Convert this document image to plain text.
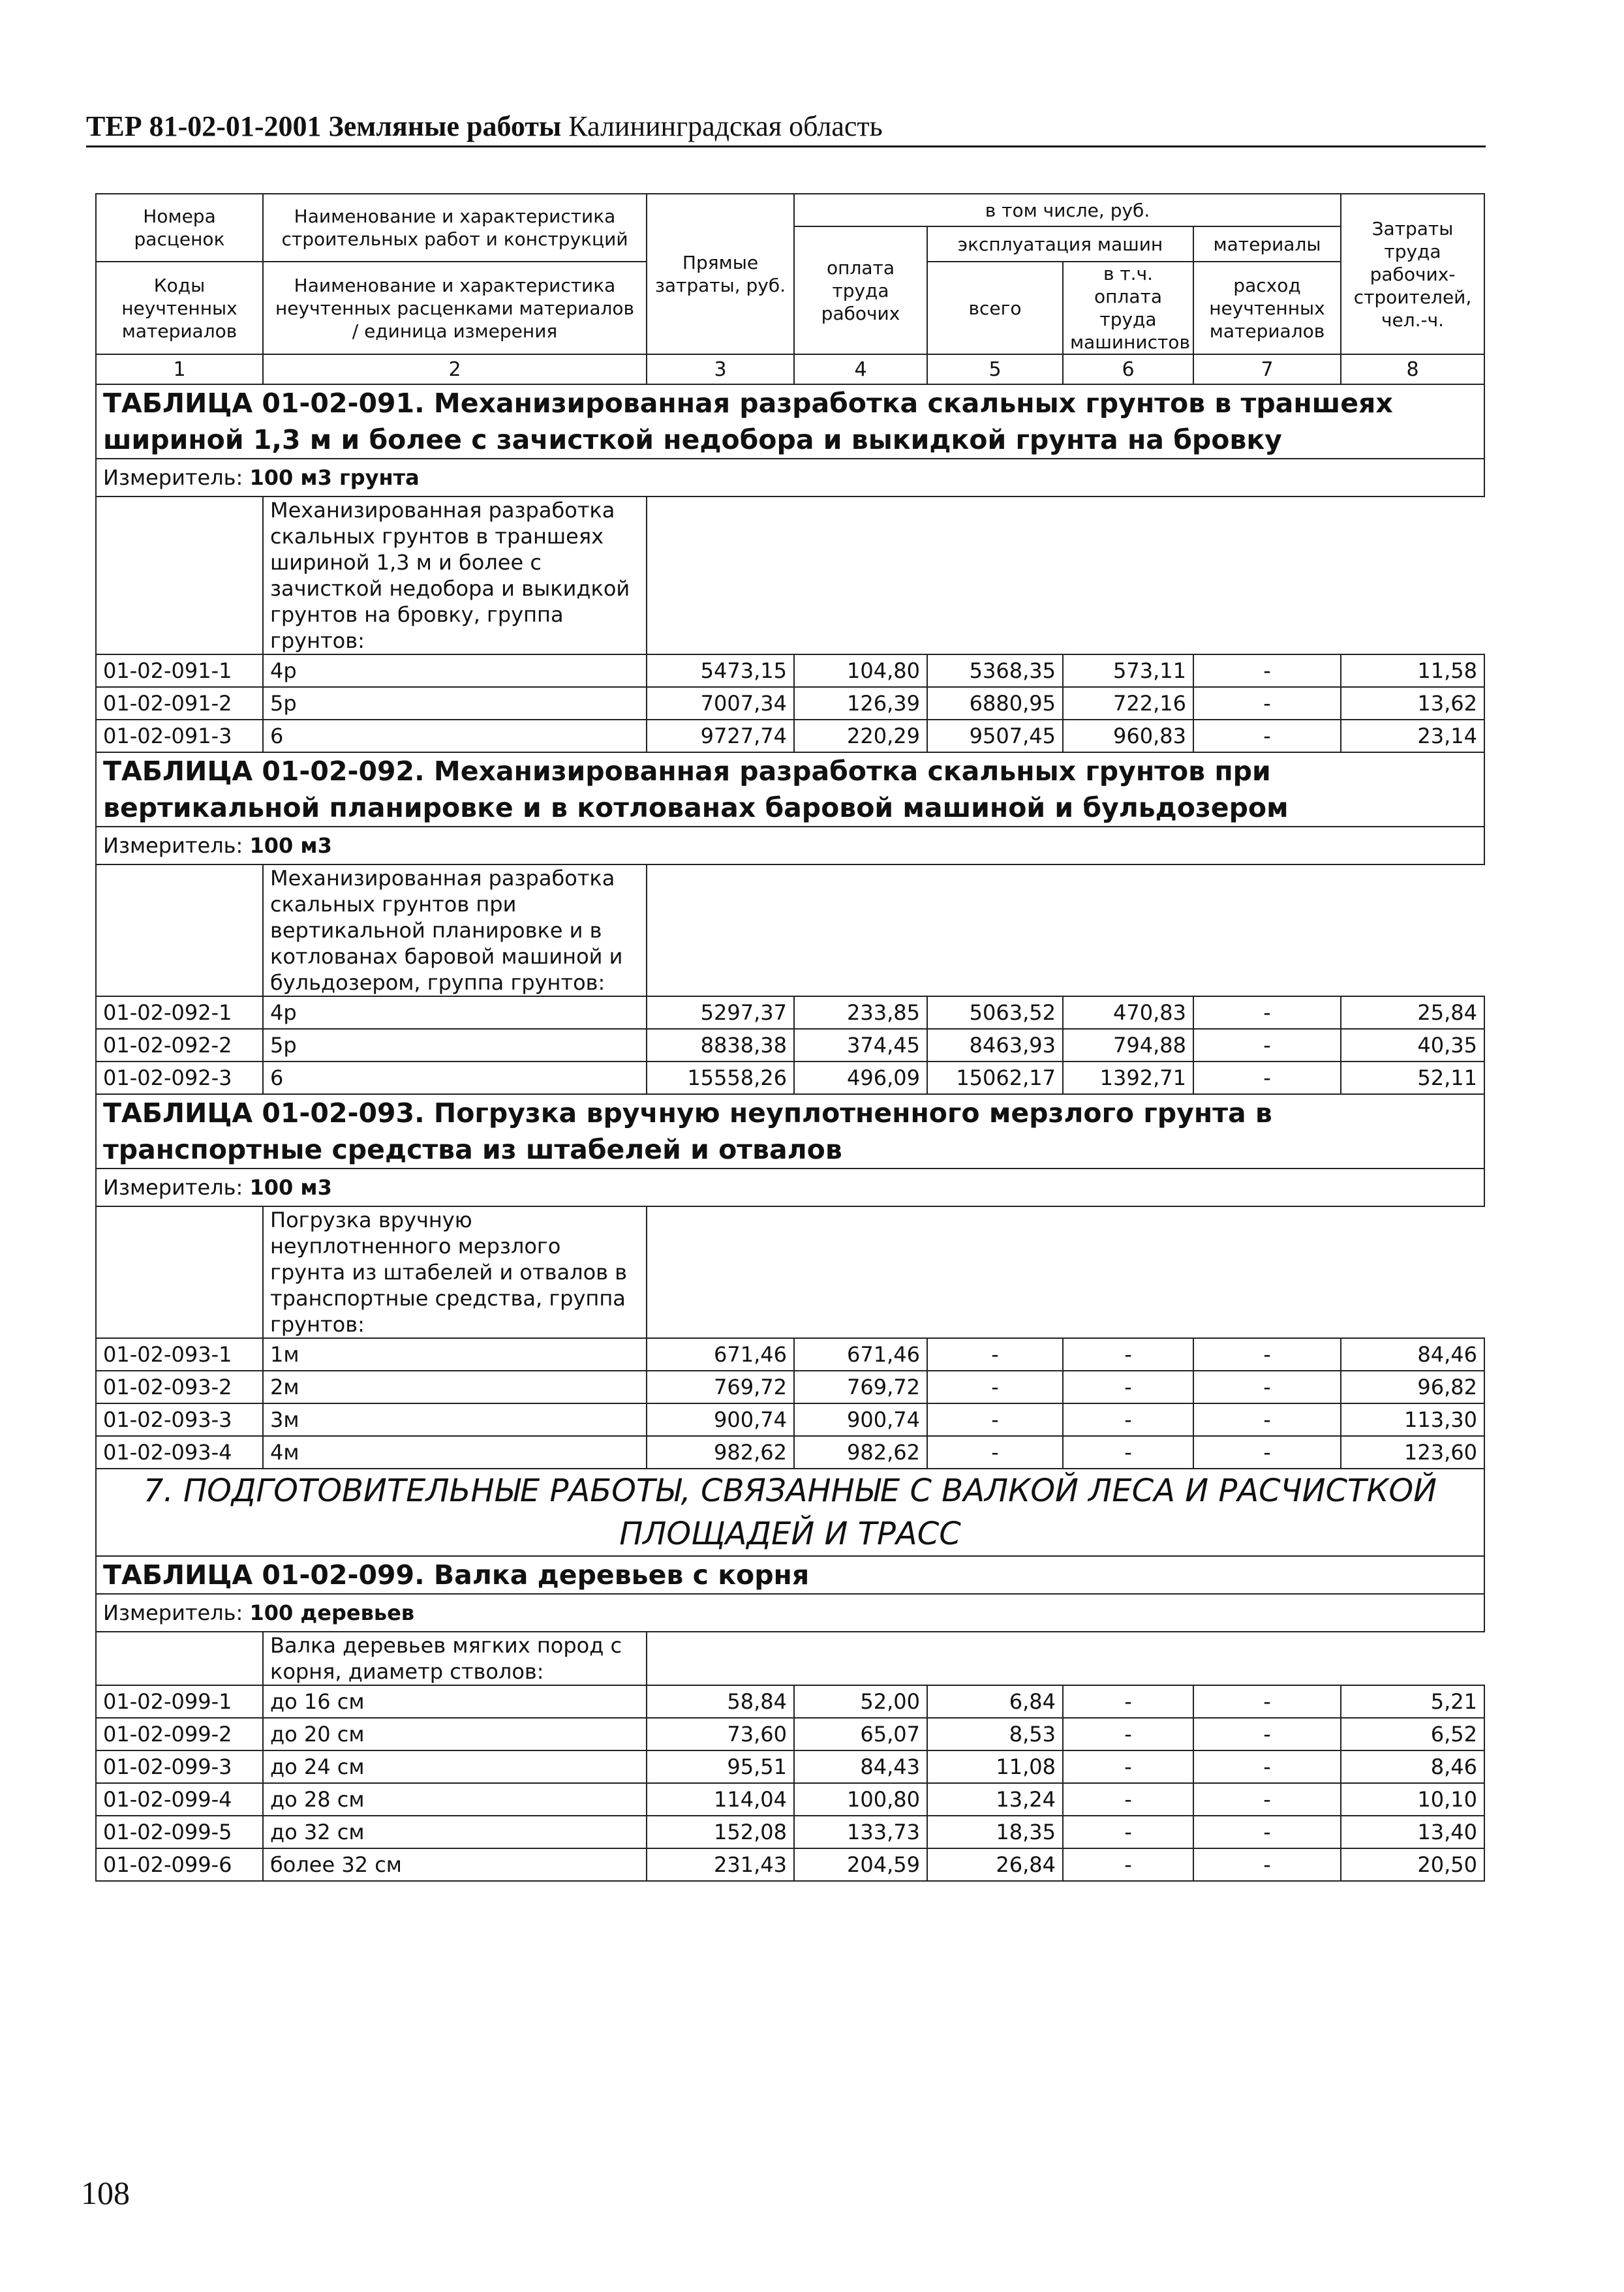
ТЕР 81-02-01-2001 Земляные работы Калининградская область
Номера расценок	Наименование и характеристика строительных работ и конструкций	Прямые затраты, руб.	в том числе, руб.				Затраты труда рабочих-строителей, чел.-ч.
			оплата труда рабочих	эксплуатация машин		материалы	
Коды неучтенных материалов	Наименование и характеристика неучтенных расценками материалов / единица измерения			всего	в т.ч. оплата труда машинистов	расход неучтенных материалов	
1	2	3	4	5	6	7	8
ТАБЛИЦА 01-02-091. Механизированная разработка скальных грунтов в траншеях шириной 1,3 м и более с зачисткой недобора и выкидкой грунта на бровку							
Измеритель: 100 м3 грунта							
	Механизированная разработка скальных грунтов в траншеях шириной 1,3 м и более с зачисткой недобора и выкидкой грунтов на бровку, группа грунтов:						
01-02-091-1	4р	5473,15	104,80	5368,35	573,11	-	11,58
01-02-091-2	5р	7007,34	126,39	6880,95	722,16	-	13,62
01-02-091-3	6	9727,74	220,29	9507,45	960,83	-	23,14
ТАБЛИЦА 01-02-092. Механизированная разработка скальных грунтов при вертикальной планировке и в котлованах баровой машиной и бульдозером							
Измеритель: 100 м3							
	Механизированная разработка скальных грунтов при вертикальной планировке и в котлованах баровой машиной и бульдозером, группа грунтов:						
01-02-092-1	4р	5297,37	233,85	5063,52	470,83	-	25,84
01-02-092-2	5р	8838,38	374,45	8463,93	794,88	-	40,35
01-02-092-3	6	15558,26	496,09	15062,17	1392,71	-	52,11
ТАБЛИЦА 01-02-093. Погрузка вручную неуплотненного мерзлого грунта в транспортные средства из штабелей и отвалов							
Измеритель: 100 м3							
	Погрузка вручную неуплотненного мерзлого грунта из штабелей и отвалов в транспортные средства, группа грунтов:						
01-02-093-1	1м	671,46	671,46	-	-	-	84,46
01-02-093-2	2м	769,72	769,72	-	-	-	96,82
01-02-093-3	3м	900,74	900,74	-	-	-	113,30
01-02-093-4	4м	982,62	982,62	-	-	-	123,60
7. ПОДГОТОВИТЕЛЬНЫЕ РАБОТЫ, СВЯЗАННЫЕ С ВАЛКОЙ ЛЕСА И РАСЧИСТКОЙ ПЛОЩАДЕЙ И ТРАСС							
ТАБЛИЦА 01-02-099. Валка деревьев с корня							
Измеритель: 100 деревьев							
	Валка деревьев мягких пород с корня, диаметр стволов:						
01-02-099-1	до 16 см	58,84	52,00	6,84	-	-	5,21
01-02-099-2	до 20 см	73,60	65,07	8,53	-	-	6,52
01-02-099-3	до 24 см	95,51	84,43	11,08	-	-	8,46
01-02-099-4	до 28 см	114,04	100,80	13,24	-	-	10,10
01-02-099-5	до 32 см	152,08	133,73	18,35	-	-	13,40
01-02-099-6	более 32 см	231,43	204,59	26,84	-	-	20,50
108
